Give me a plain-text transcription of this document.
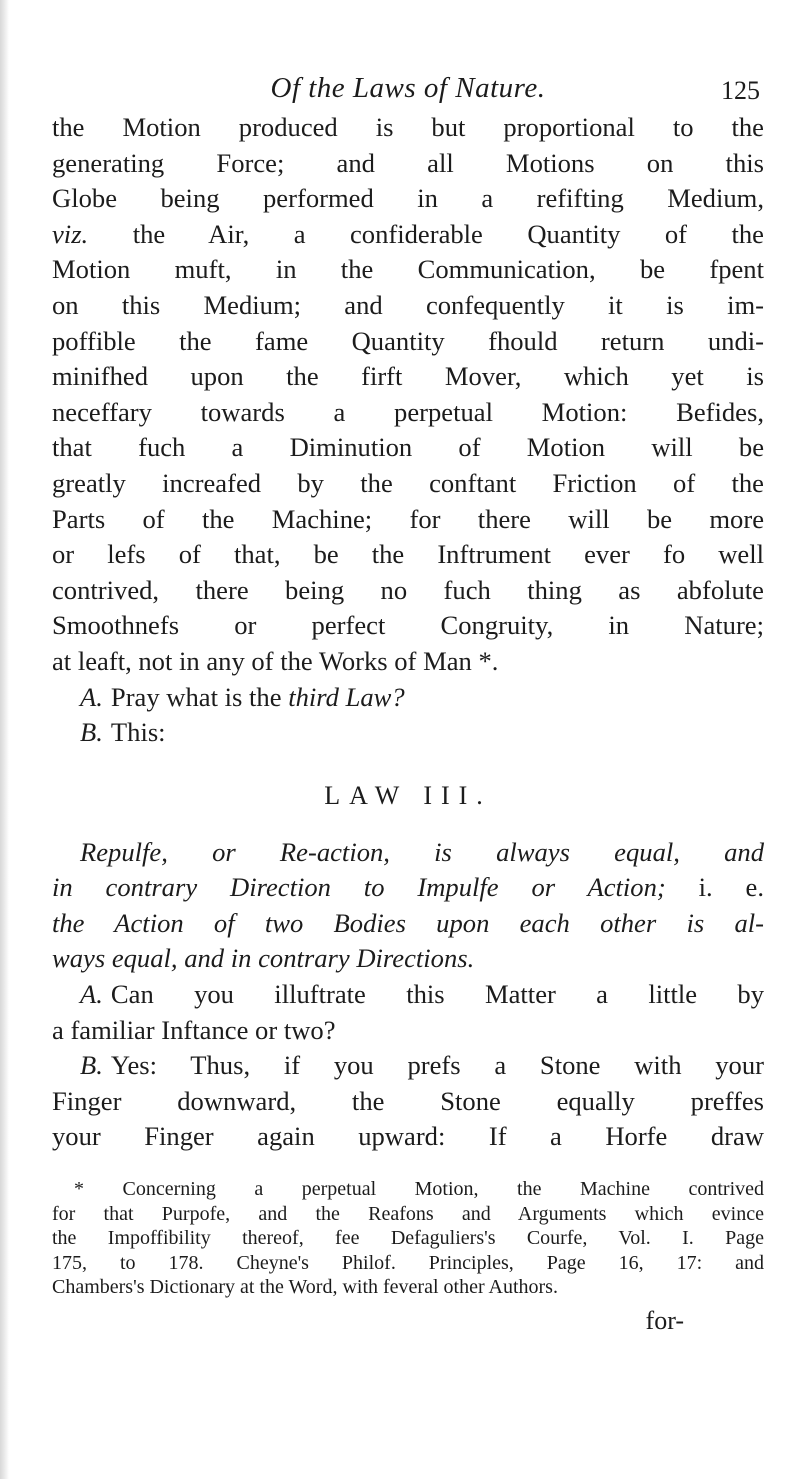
Of the Laws of Nature.	125

the Motion produced is but proportional to the
generating Force; and all Motions on this
Globe being performed in a refifting Medium,
viz. the Air, a confiderable Quantity of the
Motion muft, in the Communication, be fpent
on this Medium; and confequently it is im-
poffible the fame Quantity fhould return undi-
minifhed upon the firft Mover, which yet is
neceffary towards a perpetual Motion: Befides,
that fuch a Diminution of Motion will be
greatly increafed by the conftant Friction of the
Parts of the Machine; for there will be more
or lefs of that, be the Inftrument ever fo well
contrived, there being no fuch thing as abfolute
Smoothnefs or perfect Congruity, in Nature;
at leaft, not in any of the Works of Man *.

A. Pray what is the third Law?

B. This:

LAW III.

Repulfe, or Re-action, is always equal, and
in contrary Direction to Impulfe or Action; i. e.
the Action of two Bodies upon each other is al-
ways equal, and in contrary Directions.

A. Can you illuftrate this Matter a little by
a familiar Inftance or two?

B. Yes: Thus, if you prefs a Stone with your
Finger downward, the Stone equally preffes
your Finger again upward: If a Horfe draw

* Concerning a perpetual Motion, the Machine contrived
for that Purpofe, and the Reafons and Arguments which evince
the Impoffibility thereof, fee Defaguliers's Courfe, Vol. I. Page
175, to 178. Cheyne's Philof. Principles, Page 16, 17: and
Chambers's Dictionary at the Word, with feveral other Authors.
for-
